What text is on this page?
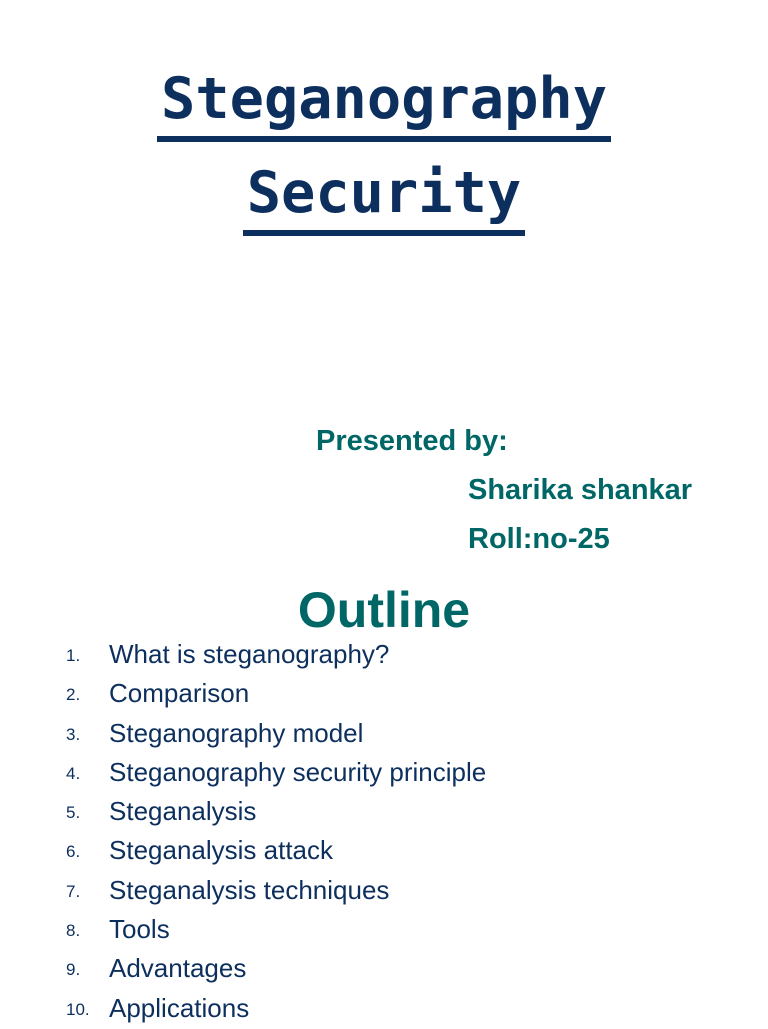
Steganography
Security
Presented by:
Sharika shankar
Roll:no-25
Outline
1. What is steganography?
2. Comparison
3. Steganography model
4. Steganography security principle
5. Steganalysis
6. Steganalysis attack
7. Steganalysis techniques
8. Tools
9. Advantages
10. Applications
